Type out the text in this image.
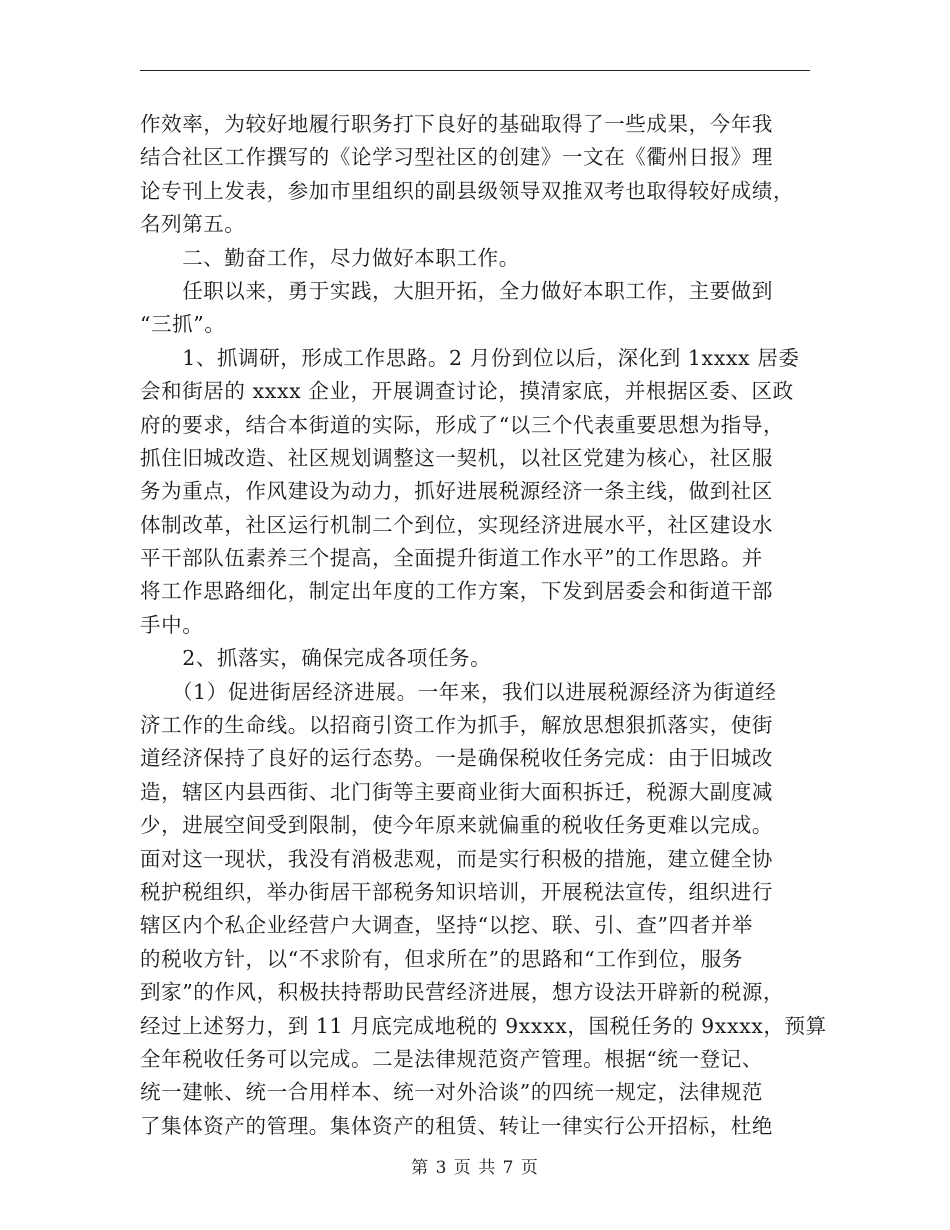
作效率，为较好地履行职务打下良好的基础取得了一些成果，今年我
结合社区工作撰写的《论学习型社区的创建》一文在《衢州日报》理
论专刊上发表，参加市里组织的副县级领导双推双考也取得较好成绩，
名列第五。
　　二、勤奋工作，尽力做好本职工作。
　　任职以来，勇于实践，大胆开拓，全力做好本职工作，主要做到
“三抓”。
　　1、抓调研，形成工作思路。2 月份到位以后，深化到 1xxxx 居委
会和街居的 xxxx 企业，开展调查讨论，摸清家底，并根据区委、区政
府的要求，结合本街道的实际，形成了“以三个代表重要思想为指导，
抓住旧城改造、社区规划调整这一契机，以社区党建为核心，社区服
务为重点，作风建设为动力，抓好进展税源经济一条主线，做到社区
体制改革，社区运行机制二个到位，实现经济进展水平，社区建设水
平干部队伍素养三个提高，全面提升街道工作水平”的工作思路。并
将工作思路细化，制定出年度的工作方案，下发到居委会和街道干部
手中。
　　2、抓落实，确保完成各项任务。
　　（1）促进街居经济进展。一年来，我们以进展税源经济为街道经
济工作的生命线。以招商引资工作为抓手，解放思想狠抓落实，使街
道经济保持了良好的运行态势。一是确保税收任务完成：由于旧城改
造，辖区内县西街、北门街等主要商业街大面积拆迁，税源大副度减
少，进展空间受到限制，使今年原来就偏重的税收任务更难以完成。
面对这一现状，我没有消极悲观，而是实行积极的措施，建立健全协
税护税组织，举办街居干部税务知识培训，开展税法宣传，组织进行
辖区内个私企业经营户大调查，坚持“以挖、联、引、查”四者并举
的税收方针，以“不求阶有，但求所在”的思路和“工作到位，服务
到家”的作风，积极扶持帮助民营经济进展，想方设法开辟新的税源，
经过上述努力，到 11 月底完成地税的 9xxxx，国税任务的 9xxxx，预算
全年税收任务可以完成。二是法律规范资产管理。根据“统一登记、
统一建帐、统一合用样本、统一对外洽谈”的四统一规定，法律规范
了集体资产的管理。集体资产的租赁、转让一律实行公开招标，杜绝
第 3 页 共 7 页
